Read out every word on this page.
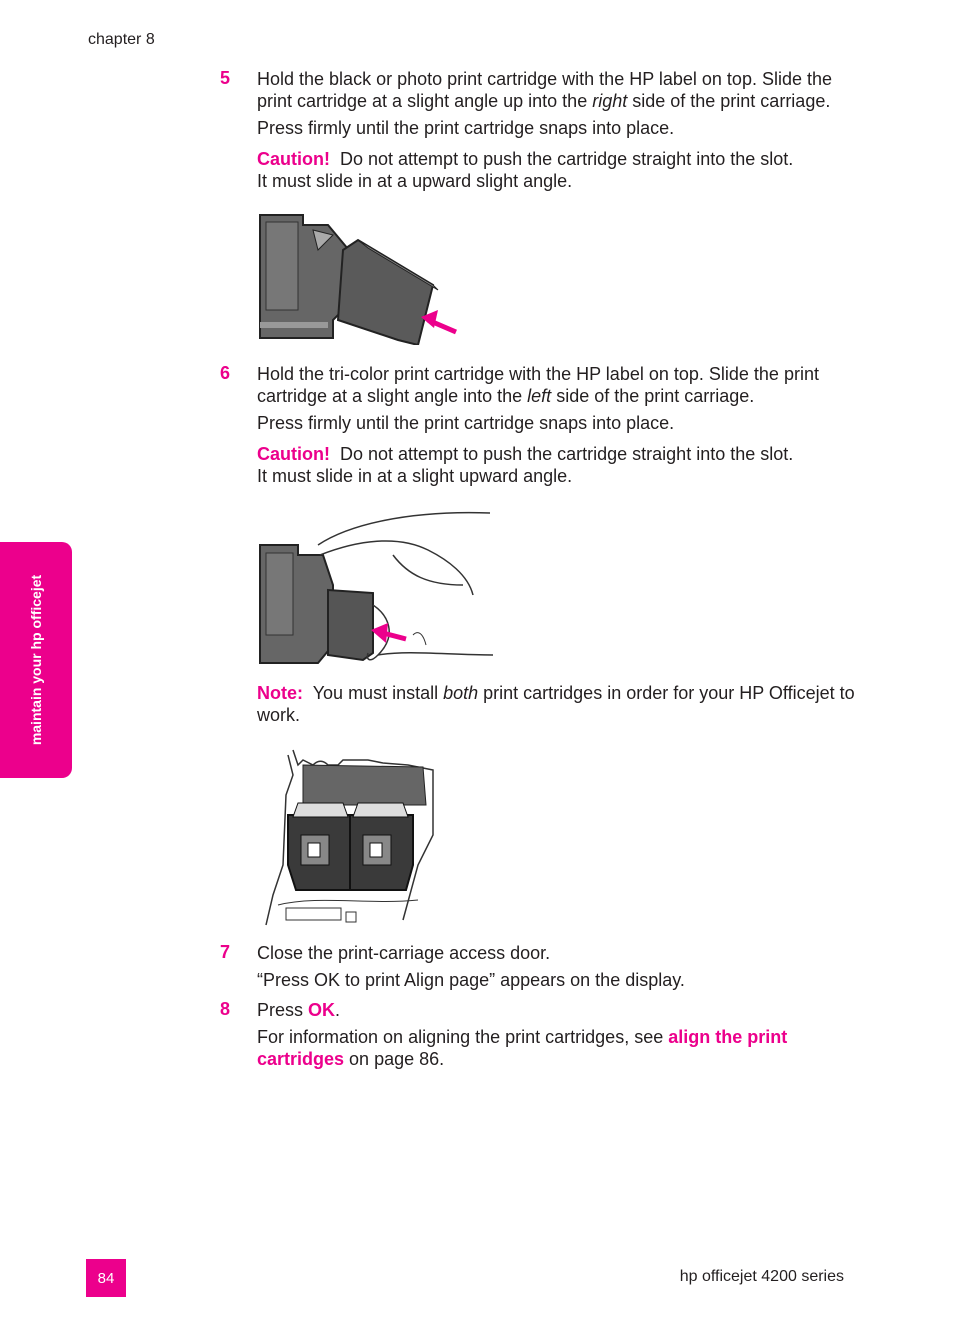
chapter 8
5 Hold the black or photo print cartridge with the HP label on top. Slide the
print cartridge at a slight angle up into the right side of the print carriage.
Press firmly until the print cartridge snaps into place.
Caution! Do not attempt to push the cartridge straight into the slot.
It must slide in at a upward slight angle.
6 Hold the tri-color print cartridge with the HP label on top. Slide the print
cartridge at a slight angle into the left side of the print carriage.
Press firmly until the print cartridge snaps into place.
Caution! Do not attempt to push the cartridge straight into the slot.
It must slide in at a slight upward angle.
Note: You must install both print cartridges in order for your HP Officejet to
work.
7 Close the print-carriage access door.
“Press OK to print Align page” appears on the display.
8 Press OK.
For information on aligning the print cartridges, see align the print
cartridges on page 86.
maintain your hp officejet
84	hp officejet 4200 series
